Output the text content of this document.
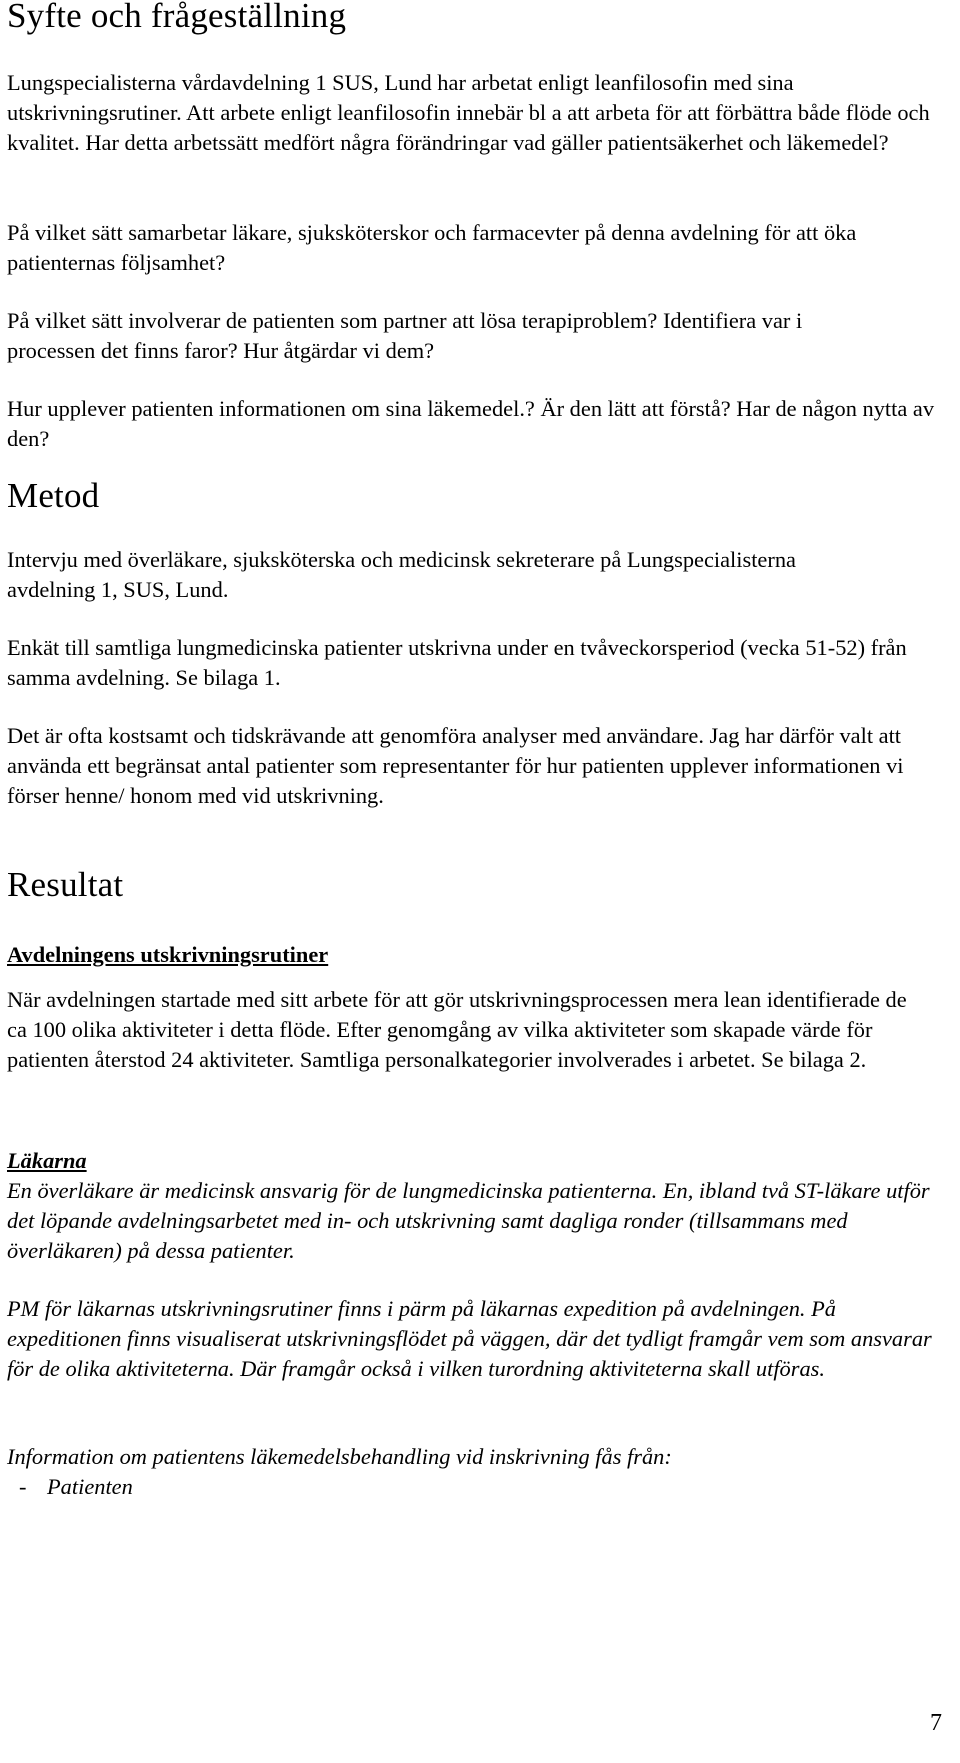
Syfte och frågeställning

Lungspecialisterna vårdavdelning 1 SUS, Lund har arbetat enligt leanfilosofin med sina utskrivningsrutiner. Att arbete enligt leanfilosofin innebär bl a att arbeta för att förbättra både flöde och kvalitet. Har detta arbetssätt medfört några förändringar vad gäller patientsäkerhet och läkemedel?

På vilket sätt samarbetar läkare, sjuksköterskor och farmacevter på denna avdelning för att öka patienternas följsamhet?

På vilket sätt involverar de patienten som partner att lösa terapiproblem? Identifiera var i processen det finns faror? Hur åtgärdar vi dem?

Hur upplever patienten informationen om sina läkemedel.? Är den lätt att förstå? Har de någon nytta av den?

Metod

Intervju med överläkare, sjuksköterska och medicinsk sekreterare på Lungspecialisterna avdelning 1, SUS, Lund.

Enkät till samtliga lungmedicinska patienter utskrivna under en tvåveckorsperiod (vecka 51-52) från samma avdelning. Se bilaga 1.

Det är ofta kostsamt och tidskrävande att genomföra analyser med användare. Jag har därför valt att använda ett begränsat antal patienter som representanter för hur patienten upplever informationen vi förser henne/ honom med vid utskrivning.

Resultat

Avdelningens utskrivningsrutiner

När avdelningen startade med sitt arbete för att gör utskrivningsprocessen mera lean identifierade de ca 100 olika aktiviteter i detta flöde. Efter genomgång av vilka aktiviteter som skapade värde för patienten återstod 24 aktiviteter. Samtliga personalkategorier involverades i arbetet. Se bilaga 2.

Läkarna

En överläkare är medicinsk ansvarig för de lungmedicinska patienterna. En, ibland två ST-läkare utför det löpande avdelningsarbetet med in- och utskrivning samt dagliga ronder (tillsammans med överläkaren) på dessa patienter.

PM för läkarnas utskrivningsrutiner finns i pärm på läkarnas expedition på avdelningen. På expeditionen finns visualiserat utskrivningsflödet på väggen, där det tydligt framgår vem som ansvarar för de olika aktiviteterna. Där framgår också i vilken turordning aktiviteterna skall utföras.

Information om patientens läkemedelsbehandling vid inskrivning fås från:

- Patienten
7
